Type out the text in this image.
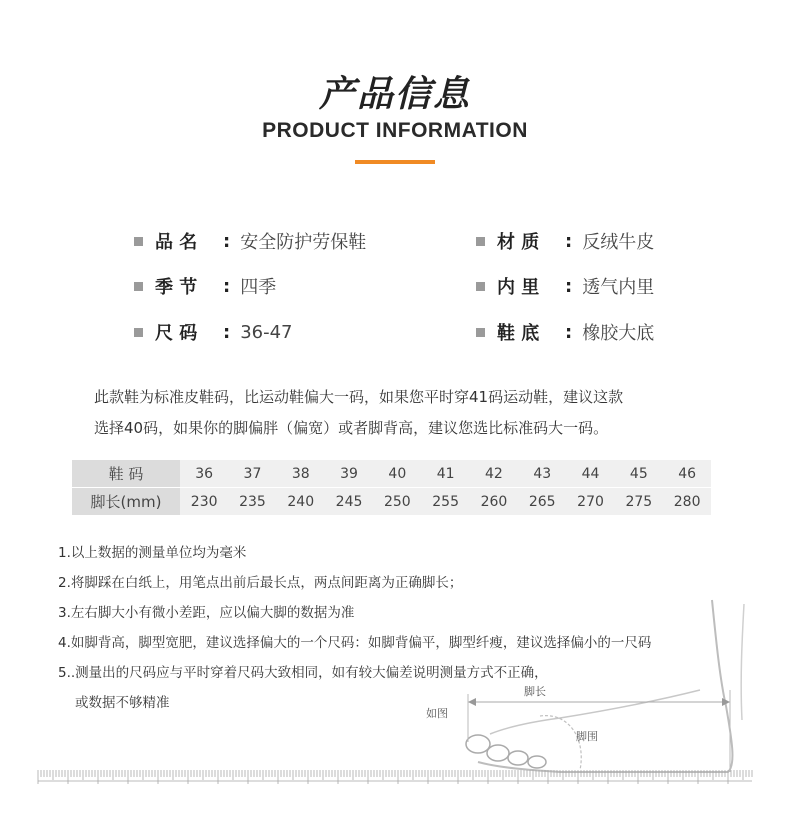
产品信息
PRODUCT INFORMATION
品 名	: 安全防护劳保鞋	材 质	: 反绒牛皮
季 节	: 四季	内 里	: 透气内里
尺 码	: 36-47	鞋 底	: 橡胶大底
此款鞋为标准皮鞋码，比运动鞋偏大一码，如果您平时穿41码运动鞋，建议这款
选择40码，如果你的脚偏胖（偏宽）或者脚背高，建议您选比标准码大一码。
鞋 码	36	37	38	39	40	41	42	43	44	45	46
脚长(mm)	230	235	240	245	250	255	260	265	270	275	280
脚长
如图
脚围
1.以上数据的测量单位均为毫米
2.将脚踩在白纸上，用笔点出前后最长点，两点间距离为正确脚长；
3.左右脚大小有微小差距，应以偏大脚的数据为准
4.如脚背高，脚型宽肥，建议选择偏大的一个尺码：如脚背偏平，脚型纤瘦，建议选择偏小的一尺码
5..测量出的尺码应与平时穿着尺码大致相同，如有较大偏差说明测量方式不正确，
或数据不够精准
